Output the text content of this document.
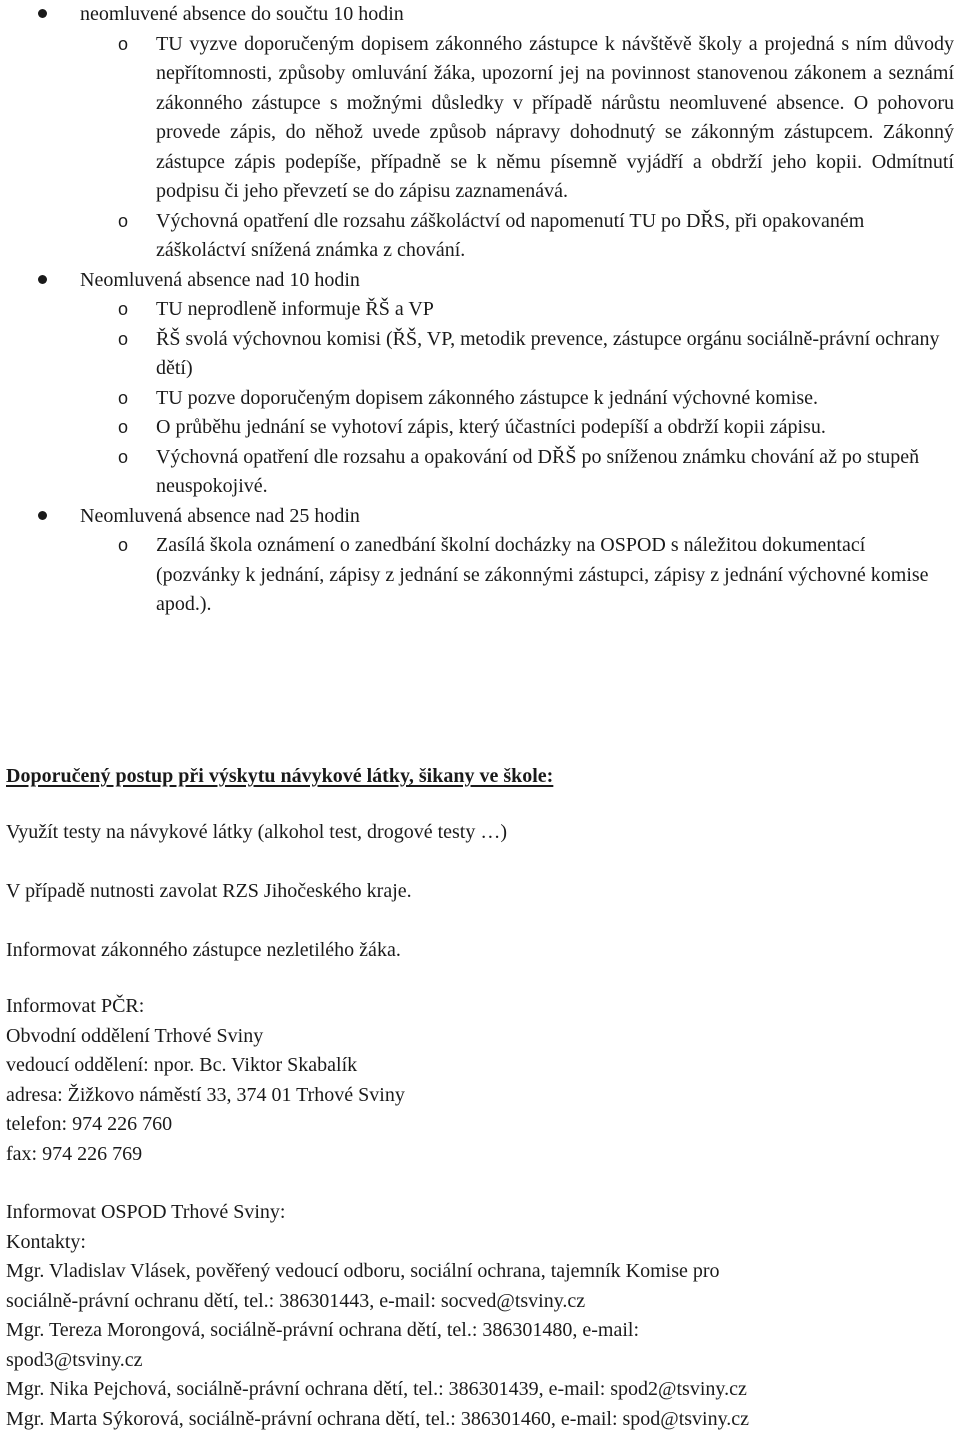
neomluvené absence do součtu 10 hodin
o TU vyzve doporučeným dopisem zákonného zástupce k návštěvě školy a projedná s ním důvody nepřítomnosti, způsoby omluvání žáka, upozorní jej na povinnost stanovenou zákonem a seznámí zákonného zástupce s možnými důsledky v případě nárůstu neomluvené absence. O pohovoru provede zápis, do něhož uvede způsob nápravy dohodnutý se zákonným zástupcem. Zákonný zástupce zápis podepíše, případně se k němu písemně vyjádří a obdrží jeho kopii. Odmítnutí podpisu či jeho převzetí se do zápisu zaznamenává.
o Výchovná opatření dle rozsahu záškoláctví od napomenutí TU po DŘS, při opakovaném záškoláctví snížená známka z chování.
Neomluvená absence nad 10 hodin
o TU neprodleně informuje ŘŠ a VP
o ŘŠ svolá výchovnou komisi (ŘŠ, VP, metodik prevence, zástupce orgánu sociálně-právní ochrany dětí)
o TU pozve doporučeným dopisem zákonného zástupce k jednání výchovné komise.
o O průběhu jednání se vyhotoví zápis, který účastníci podepíší a obdrží kopii zápisu.
o Výchovná opatření dle rozsahu a opakování od DŘŠ po sníženou známku chování až po stupeň neuspokojivé.
Neomluvená absence nad 25 hodin
o Zasílá škola oznámení o zanedbání školní docházky na OSPOD s náležitou dokumentací (pozvánky k jednání, zápisy z jednání se zákonnými zástupci, zápisy z jednání výchovné komise apod.).
Doporučený postup při výskytu návykové látky, šikany ve škole:
Využít testy na návykové látky (alkohol test, drogové testy …)
V případě nutnosti zavolat RZS Jihočeského kraje.
Informovat zákonného zástupce nezletilého žáka.
Informovat PČR:
Obvodní oddělení Trhové Sviny
vedoucí oddělení: npor. Bc. Viktor Skabalík
adresa: Žižkovo náměstí 33, 374 01 Trhové Sviny
telefon: 974 226 760
fax: 974 226 769
Informovat OSPOD Trhové Sviny:
Kontakty:
Mgr. Vladislav Vlásek, pověřený vedoucí odboru, sociální ochrana, tajemník Komise pro
sociálně-právní ochranu dětí, tel.: 386301443, e-mail: socved@tsviny.cz
Mgr. Tereza Morongová, sociálně-právní ochrana dětí, tel.: 386301480, e-mail:
spod3@tsviny.cz
Mgr. Nika Pejchová, sociálně-právní ochrana dětí, tel.: 386301439, e-mail: spod2@tsviny.cz
Mgr. Marta Sýkorová, sociálně-právní ochrana dětí, tel.: 386301460, e-mail: spod@tsviny.cz
